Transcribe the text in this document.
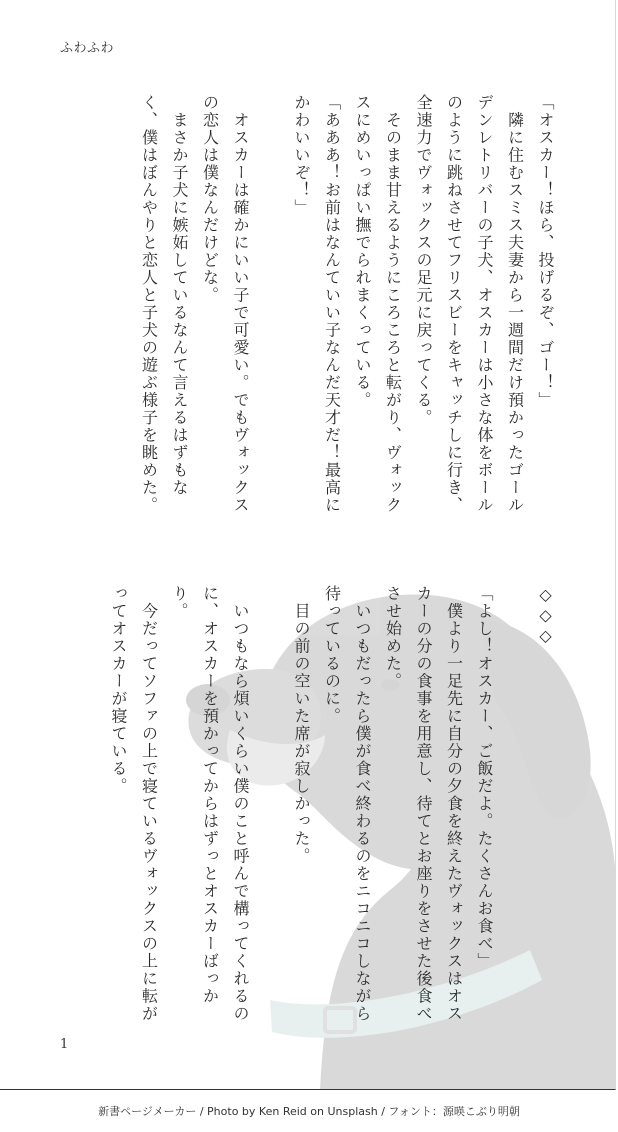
ふわふわ

「オスカー！ほら、投げるぞ、ゴー！」

　隣に住むスミス夫妻から一週間だけ預かったゴールデンレトリバーの子犬、オスカーは小さな体をボールのように跳ねさせてフリスビーをキャッチしに行き、全速力でヴォックスの足元に戻ってくる。

　そのまま甘えるようにころころと転がり、ヴォックスにめいっぱい撫でられまくっている。

「あああ！お前はなんていい子なんだ天才だ！最高にかわいいぞ！」

　オスカーは確かにいい子で可愛い。でもヴォックスの恋人は僕なんだけどな。

　まさか子犬に嫉妬しているなんて言えるはずもなく、僕はぼんやりと恋人と子犬の遊ぶ様子を眺めた。

◇◇◇

「よし！オスカー、ご飯だよ。たくさんお食べ」

　僕より一足先に自分の夕食を終えたヴォックスはオスカーの分の食事を用意し、待てとお座りをさせた後食べさせ始めた。

　いつもだったら僕が食べ終わるのをニコニコしながら待っているのに。

　目の前の空いた席が寂しかった。

　いつもなら煩いくらい僕のこと呼んで構ってくれるのに、オスカーを預かってからはずっとオスカーばっかり。

　今だってソファの上で寝ているヴォックスの上に転がってオスカーが寝ている。

1
新書ページメーカー / Photo by Ken Reid on Unsplash / フォント：源暎こぶり明朝
